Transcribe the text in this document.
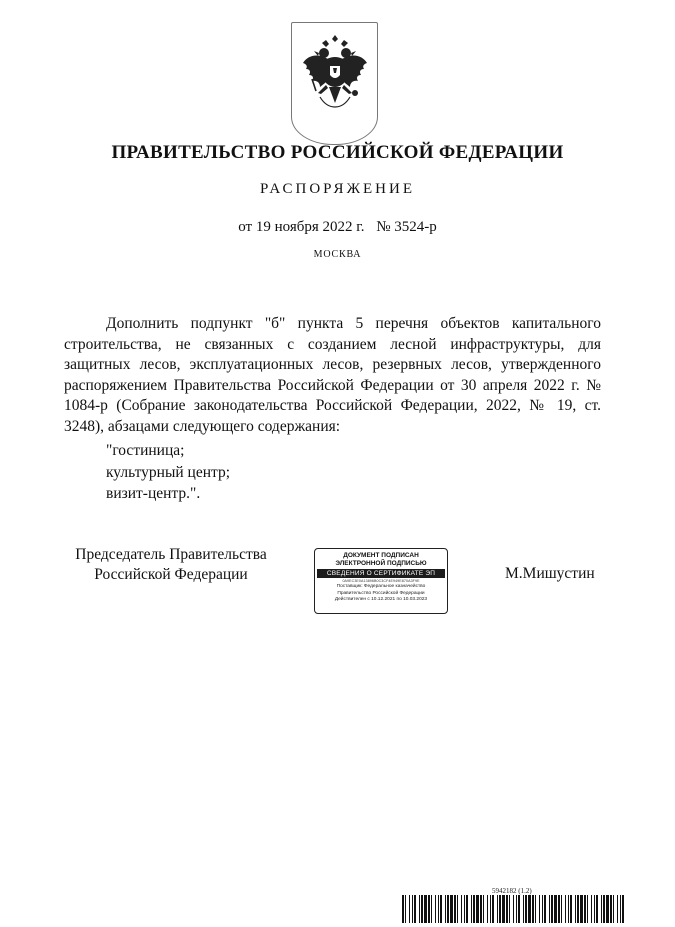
ПРАВИТЕЛЬСТВО РОССИЙСКОЙ ФЕДЕРАЦИИ
РАСПОРЯЖЕНИЕ
от 19 ноября 2022 г. № 3524-р
МОСКВА

Дополнить подпункт "б" пункта 5 перечня объектов капитального строительства, не связанных с созданием лесной инфраструктуры, для защитных лесов, эксплуатационных лесов, резервных лесов, утвержденного распоряжением Правительства Российской Федерации от 30 апреля 2022 г. № 1084-р (Собрание законодательства Российской Федерации, 2022, № 19, ст. 3248), абзацами следующего содержания:

"гостиница;
культурный центр;
визит-центр.".
Председатель Правительства
Российской Федерации
ДОКУМЕНТ ПОДПИСАН
ЭЛЕКТРОННОЙ ПОДПИСЬЮ
СВЕДЕНИЯ О СЕРТИФИКАТЕ ЭП
0A9EC3E0A13896B0C3CF4E949E870A3F9E
Поставщик: Федеральное казначейство
Правительство Российской Федерации
Действителен с 10.12.2021 по 10.03.2023
М.Мишустин
5942182 (1.2)
